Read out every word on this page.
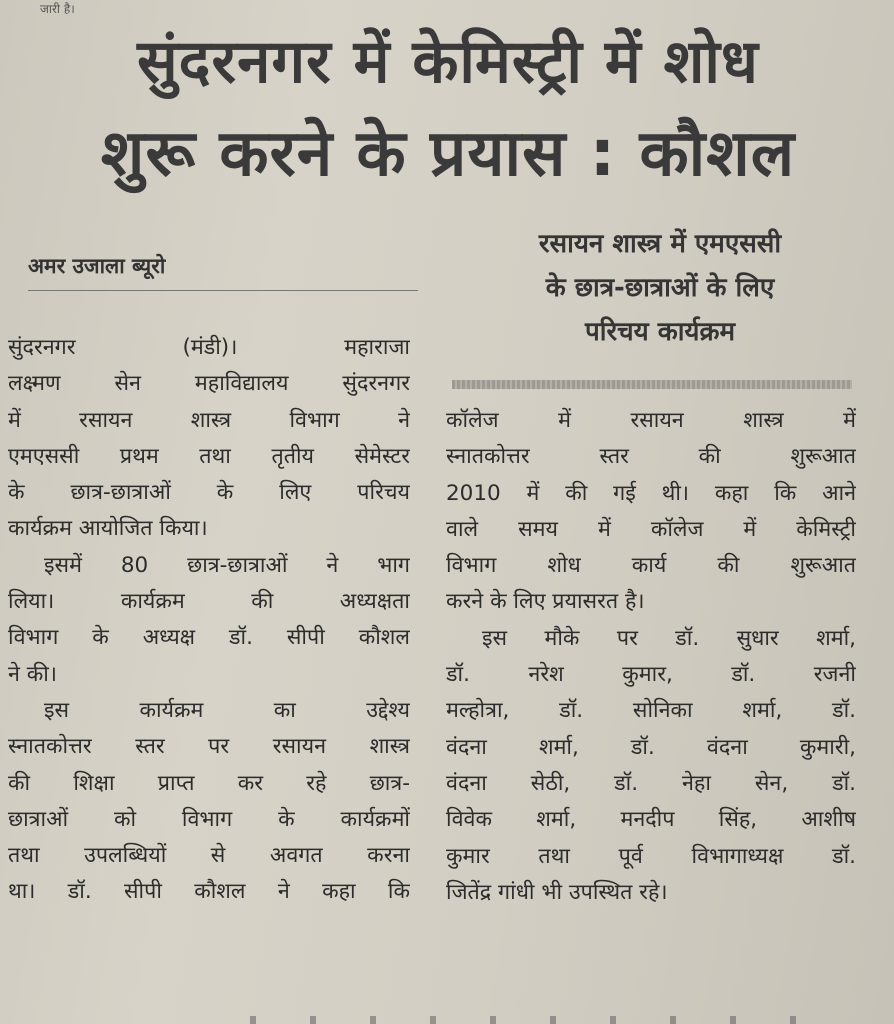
जारी है।
सुंदरनगर में केमिस्ट्री में शोध
शुरू करने के प्रयास : कौशल
अमर उजाला ब्यूरो
रसायन शास्त्र में एमएससी
के छात्र-छात्राओं के लिए
परिचय कार्यक्रम
सुंदरनगर (मंडी)। महाराजा
लक्ष्मण सेन महाविद्यालय सुंदरनगर
में रसायन शास्त्र विभाग ने
एमएससी प्रथम तथा तृतीय सेमेस्टर
के छात्र-छात्राओं के लिए परिचय
कार्यक्रम आयोजित किया।
इसमें 80 छात्र-छात्राओं ने भाग
लिया। कार्यक्रम की अध्यक्षता
विभाग के अध्यक्ष डॉ. सीपी कौशल
ने की।
इस कार्यक्रम का उद्देश्य
स्नातकोत्तर स्तर पर रसायन शास्त्र
की शिक्षा प्राप्त कर रहे छात्र-
छात्राओं को विभाग के कार्यक्रमों
तथा उपलब्धियों से अवगत करना
था। डॉ. सीपी कौशल ने कहा कि
कॉलेज में रसायन शास्त्र में
स्नातकोत्तर स्तर की शुरूआत
2010 में की गई थी। कहा कि आने
वाले समय में कॉलेज में केमिस्ट्री
विभाग शोध कार्य की शुरूआत
करने के लिए प्रयासरत है।
इस मौके पर डॉ. सुधार शर्मा,
डॉ. नरेश कुमार, डॉ. रजनी
मल्होत्रा, डॉ. सोनिका शर्मा, डॉ.
वंदना शर्मा, डॉ. वंदना कुमारी,
वंदना सेठी, डॉ. नेहा सेन, डॉ.
विवेक शर्मा, मनदीप सिंह, आशीष
कुमार तथा पूर्व विभागाध्यक्ष डॉ.
जितेंद्र गांधी भी उपस्थित रहे।
